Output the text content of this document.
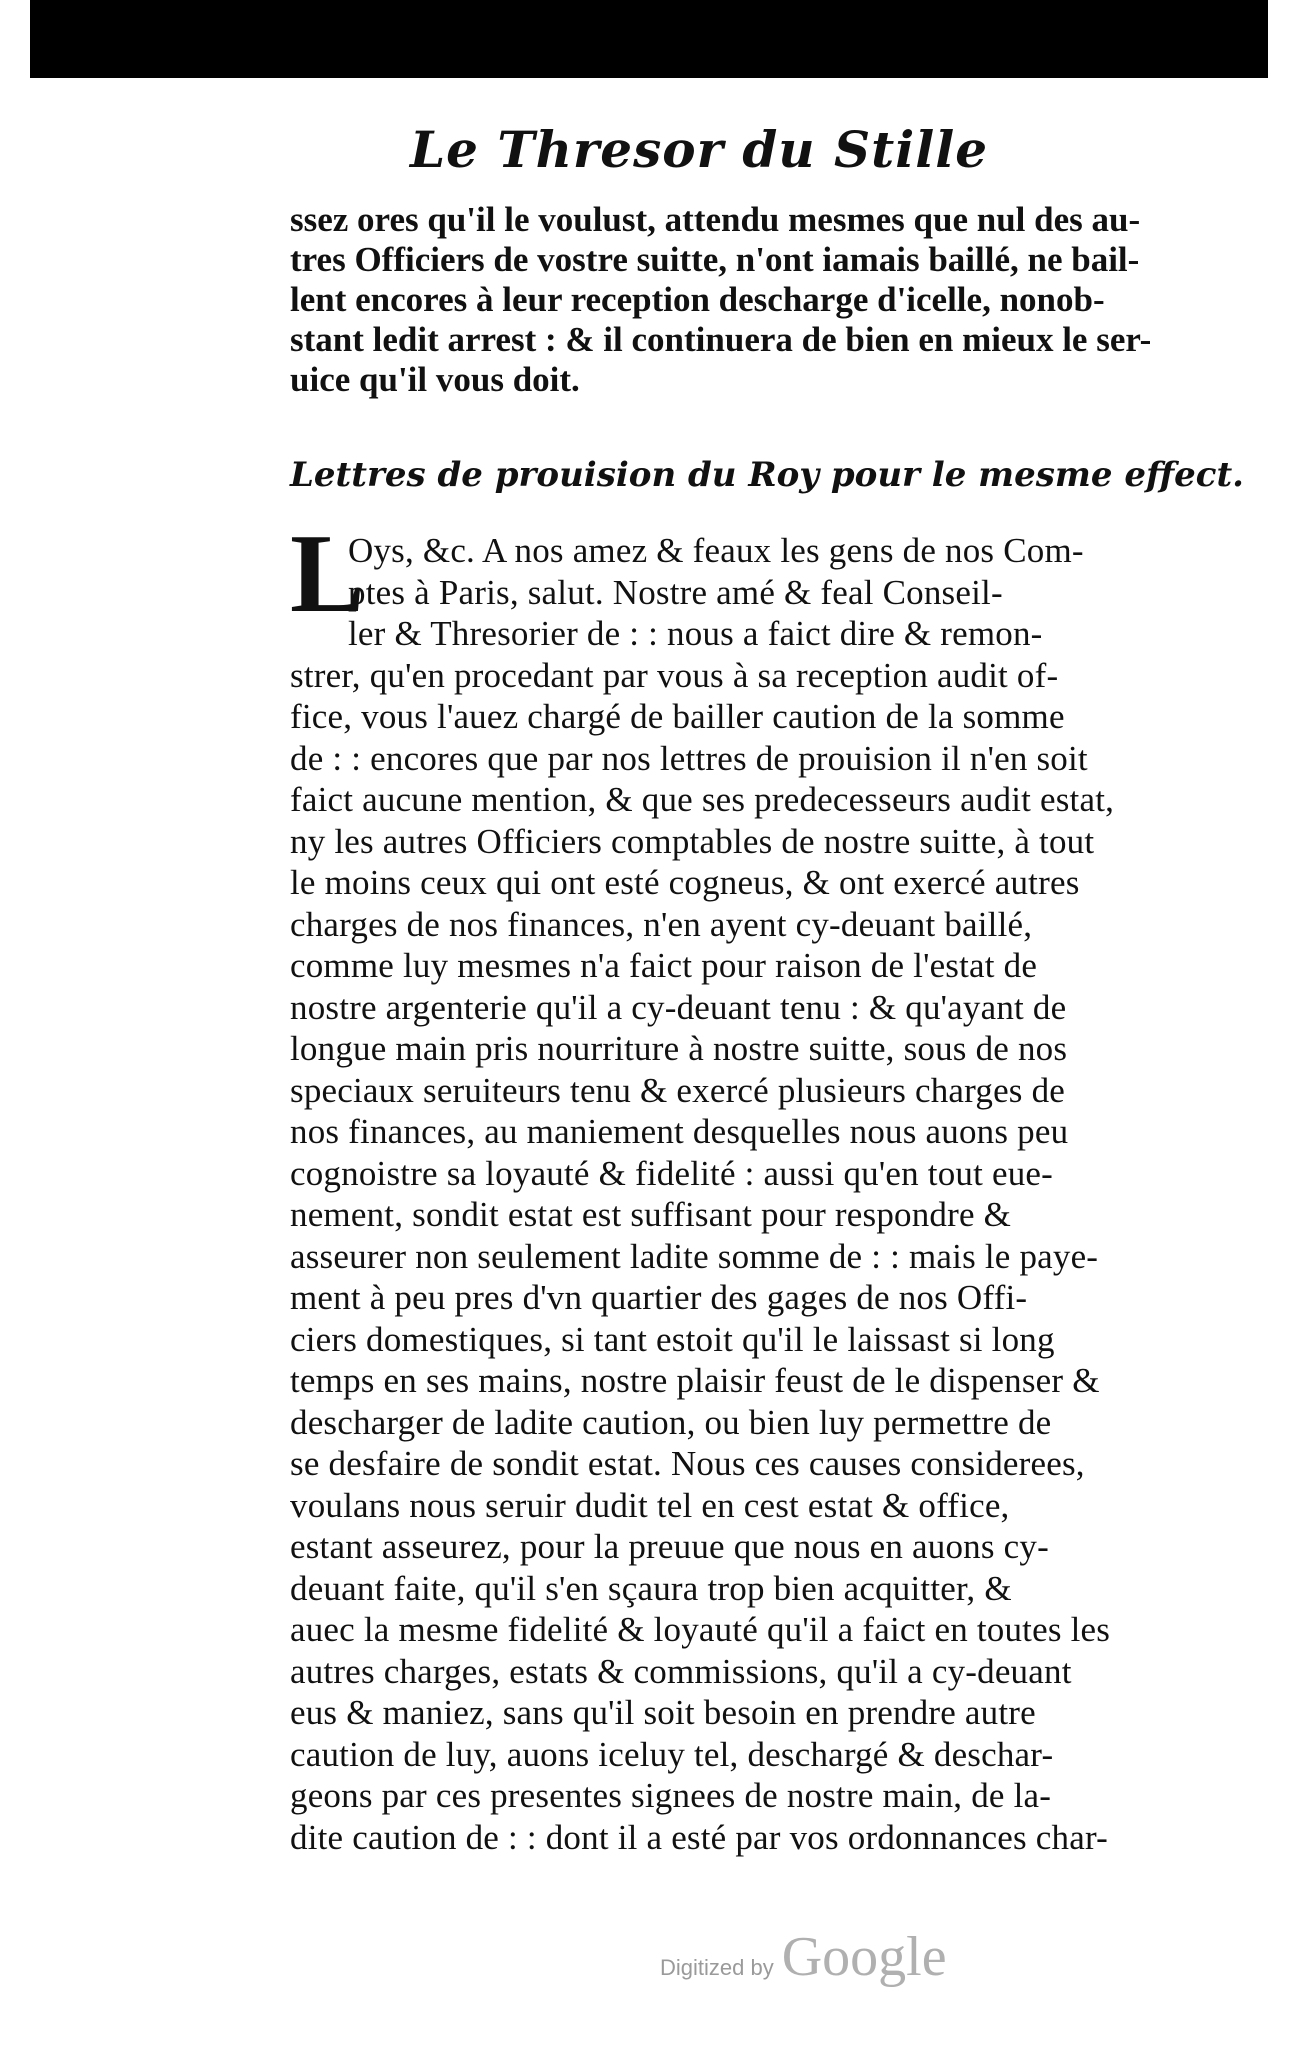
Le Thresor du Stille
ssez ores qu'il le voulust, attendu mesmes que nul des au-
tres Officiers de vostre suitte, n'ont iamais baillé, ne bail-
lent encores à leur reception descharge d'icelle, nonob-
stant ledit arrest : & il continuera de bien en mieux le ser-
uice qu'il vous doit.
Lettres de prouision du Roy pour le mesme effect.
L
Oys, &c. A nos amez & feaux les gens de nos Com-
ptes à Paris, salut. Nostre amé & feal Conseil-
ler & Thresorier de : : nous a faict dire & remon-
strer, qu'en procedant par vous à sa reception audit of-
fice, vous l'auez chargé de bailler caution de la somme
de : : encores que par nos lettres de prouision il n'en soit
faict aucune mention, & que ses predecesseurs audit estat,
ny les autres Officiers comptables de nostre suitte, à tout
le moins ceux qui ont esté cogneus, & ont exercé autres
charges de nos finances, n'en ayent cy-deuant baillé,
comme luy mesmes n'a faict pour raison de l'estat de
nostre argenterie qu'il a cy-deuant tenu : & qu'ayant de
longue main pris nourriture à nostre suitte, sous de nos
speciaux seruiteurs tenu & exercé plusieurs charges de
nos finances, au maniement desquelles nous auons peu
cognoistre sa loyauté & fidelité : aussi qu'en tout eue-
nement, sondit estat est suffisant pour respondre &
asseurer non seulement ladite somme de : : mais le paye-
ment à peu pres d'vn quartier des gages de nos Offi-
ciers domestiques, si tant estoit qu'il le laissast si long
temps en ses mains, nostre plaisir feust de le dispenser &
descharger de ladite caution, ou bien luy permettre de
se desfaire de sondit estat. Nous ces causes considerees,
voulans nous seruir dudit tel en cest estat & office,
estant asseurez, pour la preuue que nous en auons cy-
deuant faite, qu'il s'en sçaura trop bien acquitter, &
auec la mesme fidelité & loyauté qu'il a faict en toutes les
autres charges, estats & commissions, qu'il a cy-deuant
eus & maniez, sans qu'il soit besoin en prendre autre
caution de luy, auons iceluy tel, deschargé & deschar-
geons par ces presentes signees de nostre main, de la-
dite caution de : : dont il a esté par vos ordonnances char-
Digitized by Google
